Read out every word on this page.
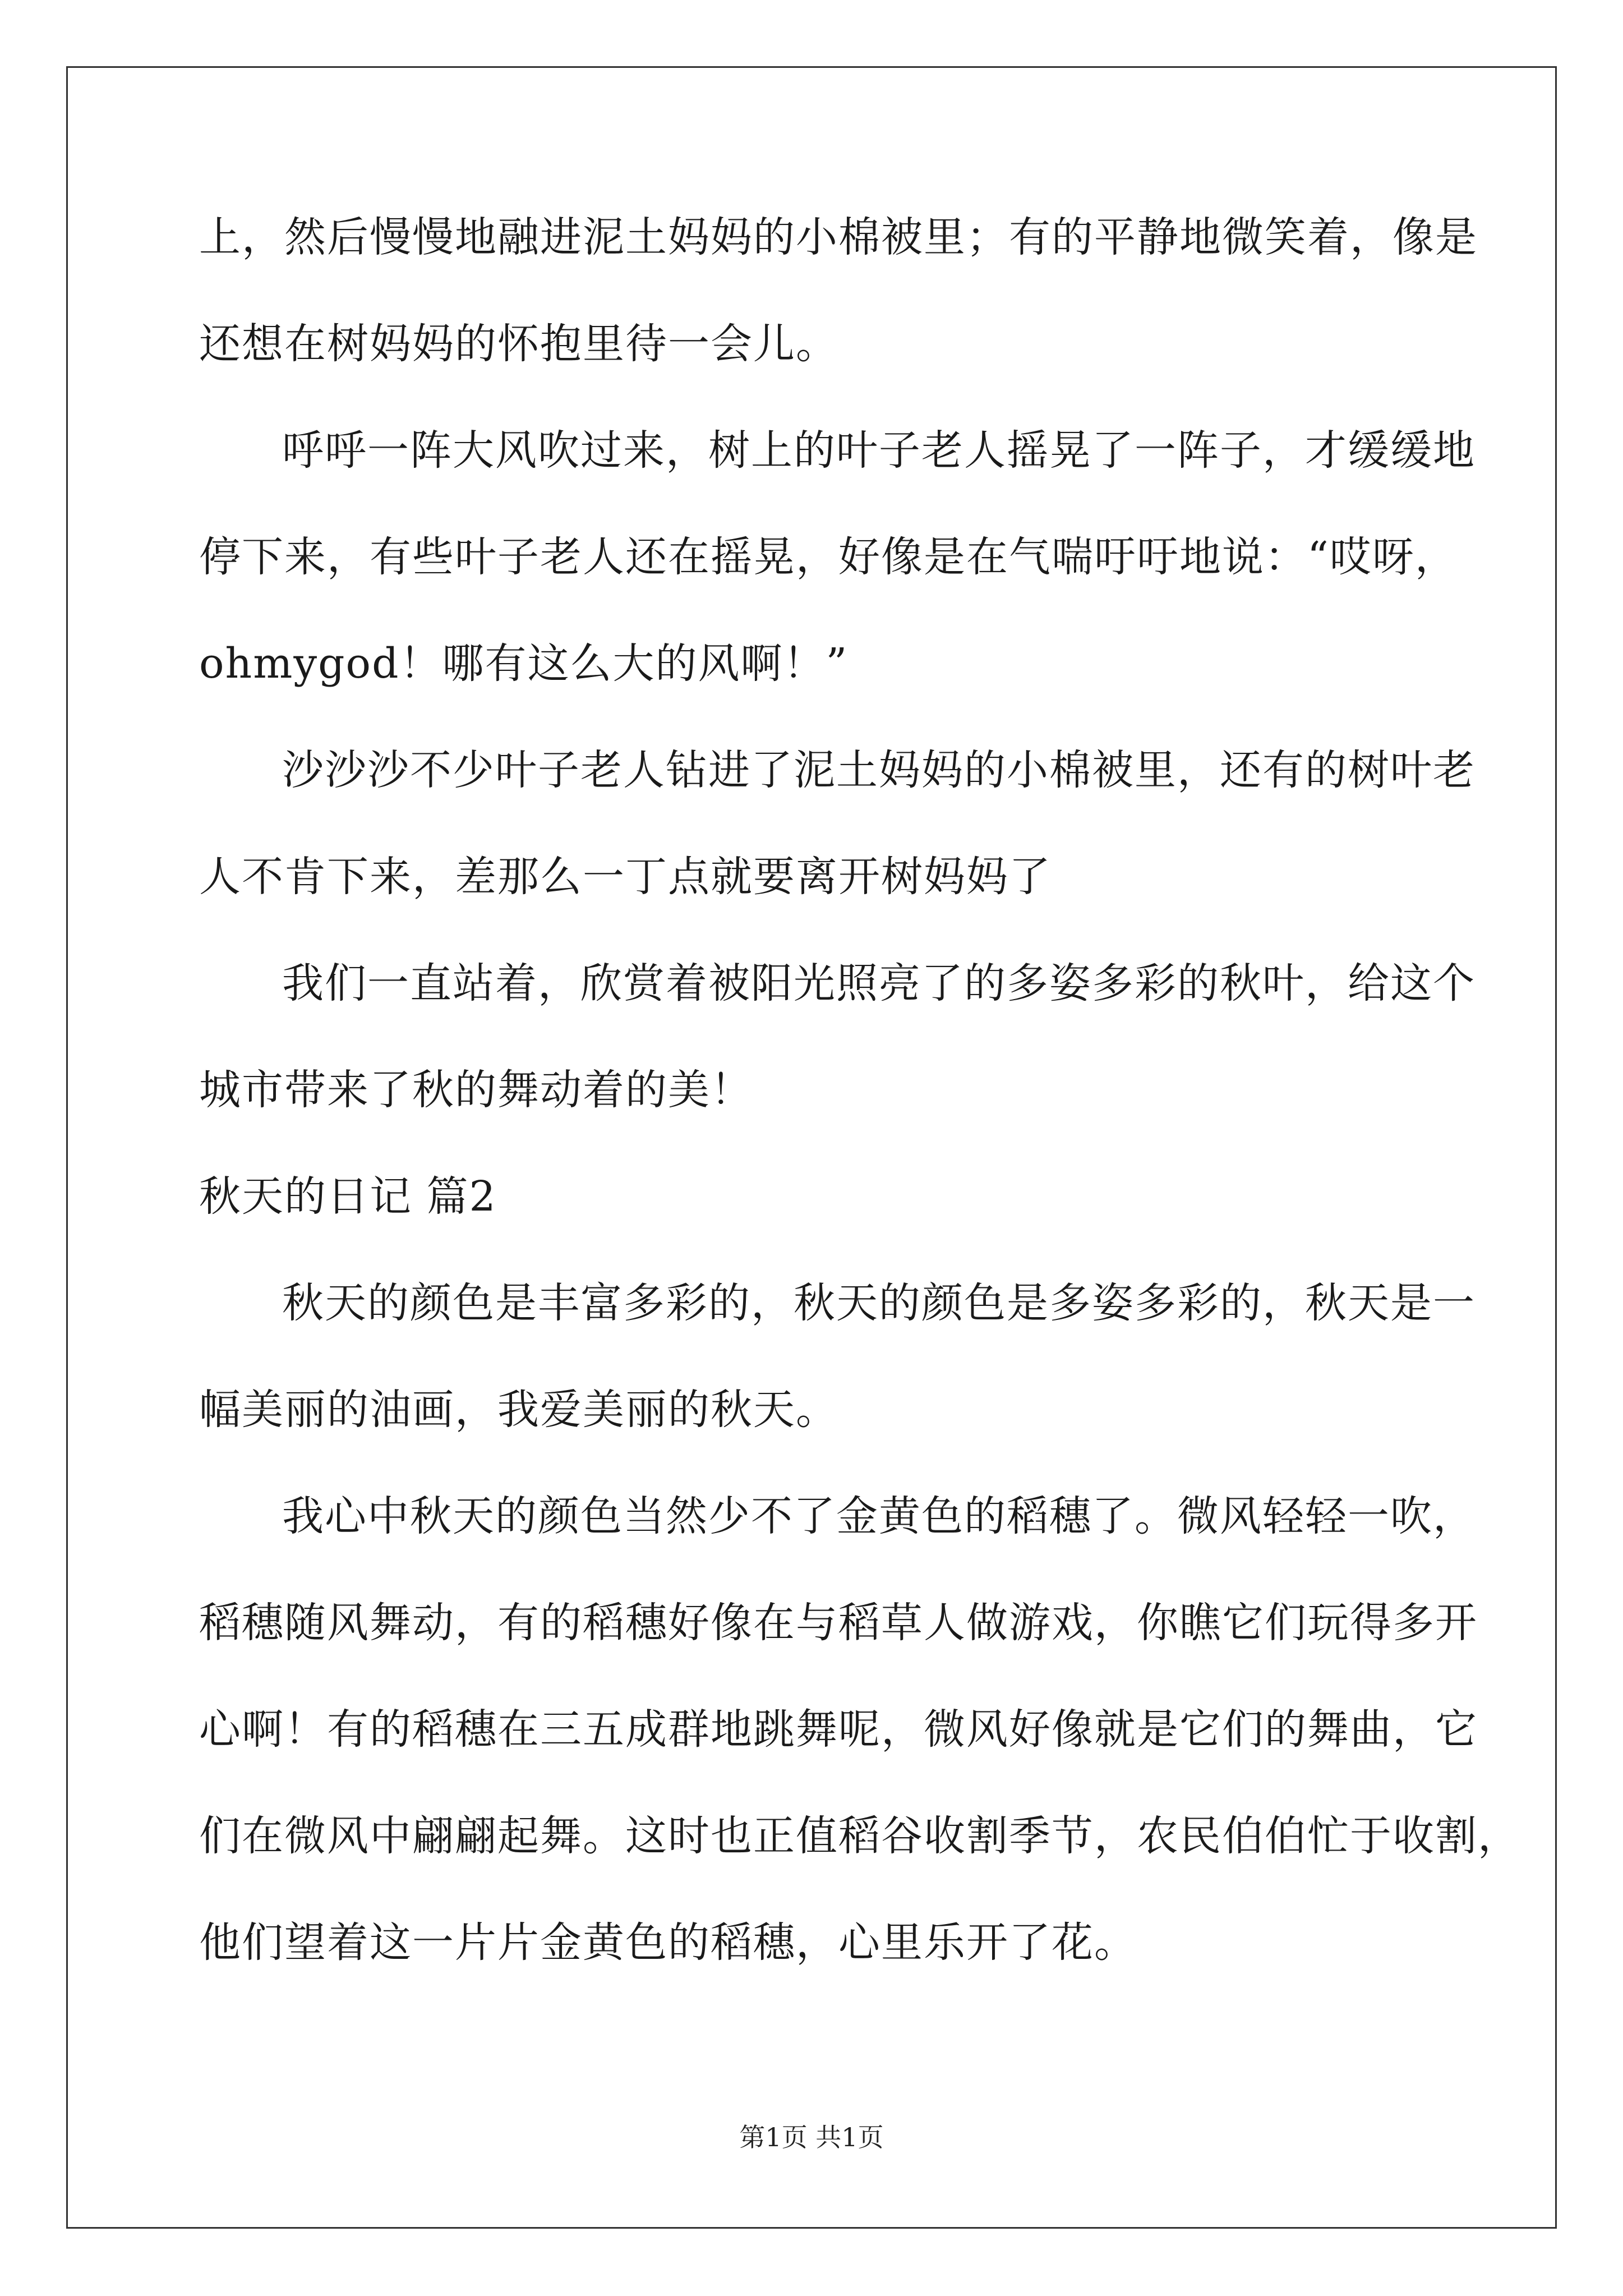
上，然后慢慢地融进泥土妈妈的小棉被里；有的平静地微笑着，像是
还想在树妈妈的怀抱里待一会儿。
呼呼一阵大风吹过来，树上的叶子老人摇晃了一阵子，才缓缓地
停下来，有些叶子老人还在摇晃，好像是在气喘吁吁地说：“哎呀，
ohmygod！哪有这么大的风啊！”
沙沙沙不少叶子老人钻进了泥土妈妈的小棉被里，还有的树叶老
人不肯下来，差那么一丁点就要离开树妈妈了
我们一直站着，欣赏着被阳光照亮了的多姿多彩的秋叶，给这个
城市带来了秋的舞动着的美！
秋天的日记 篇2
秋天的颜色是丰富多彩的，秋天的颜色是多姿多彩的，秋天是一
幅美丽的油画，我爱美丽的秋天。
我心中秋天的颜色当然少不了金黄色的稻穗了。微风轻轻一吹，
稻穗随风舞动，有的稻穗好像在与稻草人做游戏，你瞧它们玩得多开
心啊！有的稻穗在三五成群地跳舞呢，微风好像就是它们的舞曲，它
们在微风中翩翩起舞。这时也正值稻谷收割季节，农民伯伯忙于收割，
他们望着这一片片金黄色的稻穗，心里乐开了花。
第1页 共1页
